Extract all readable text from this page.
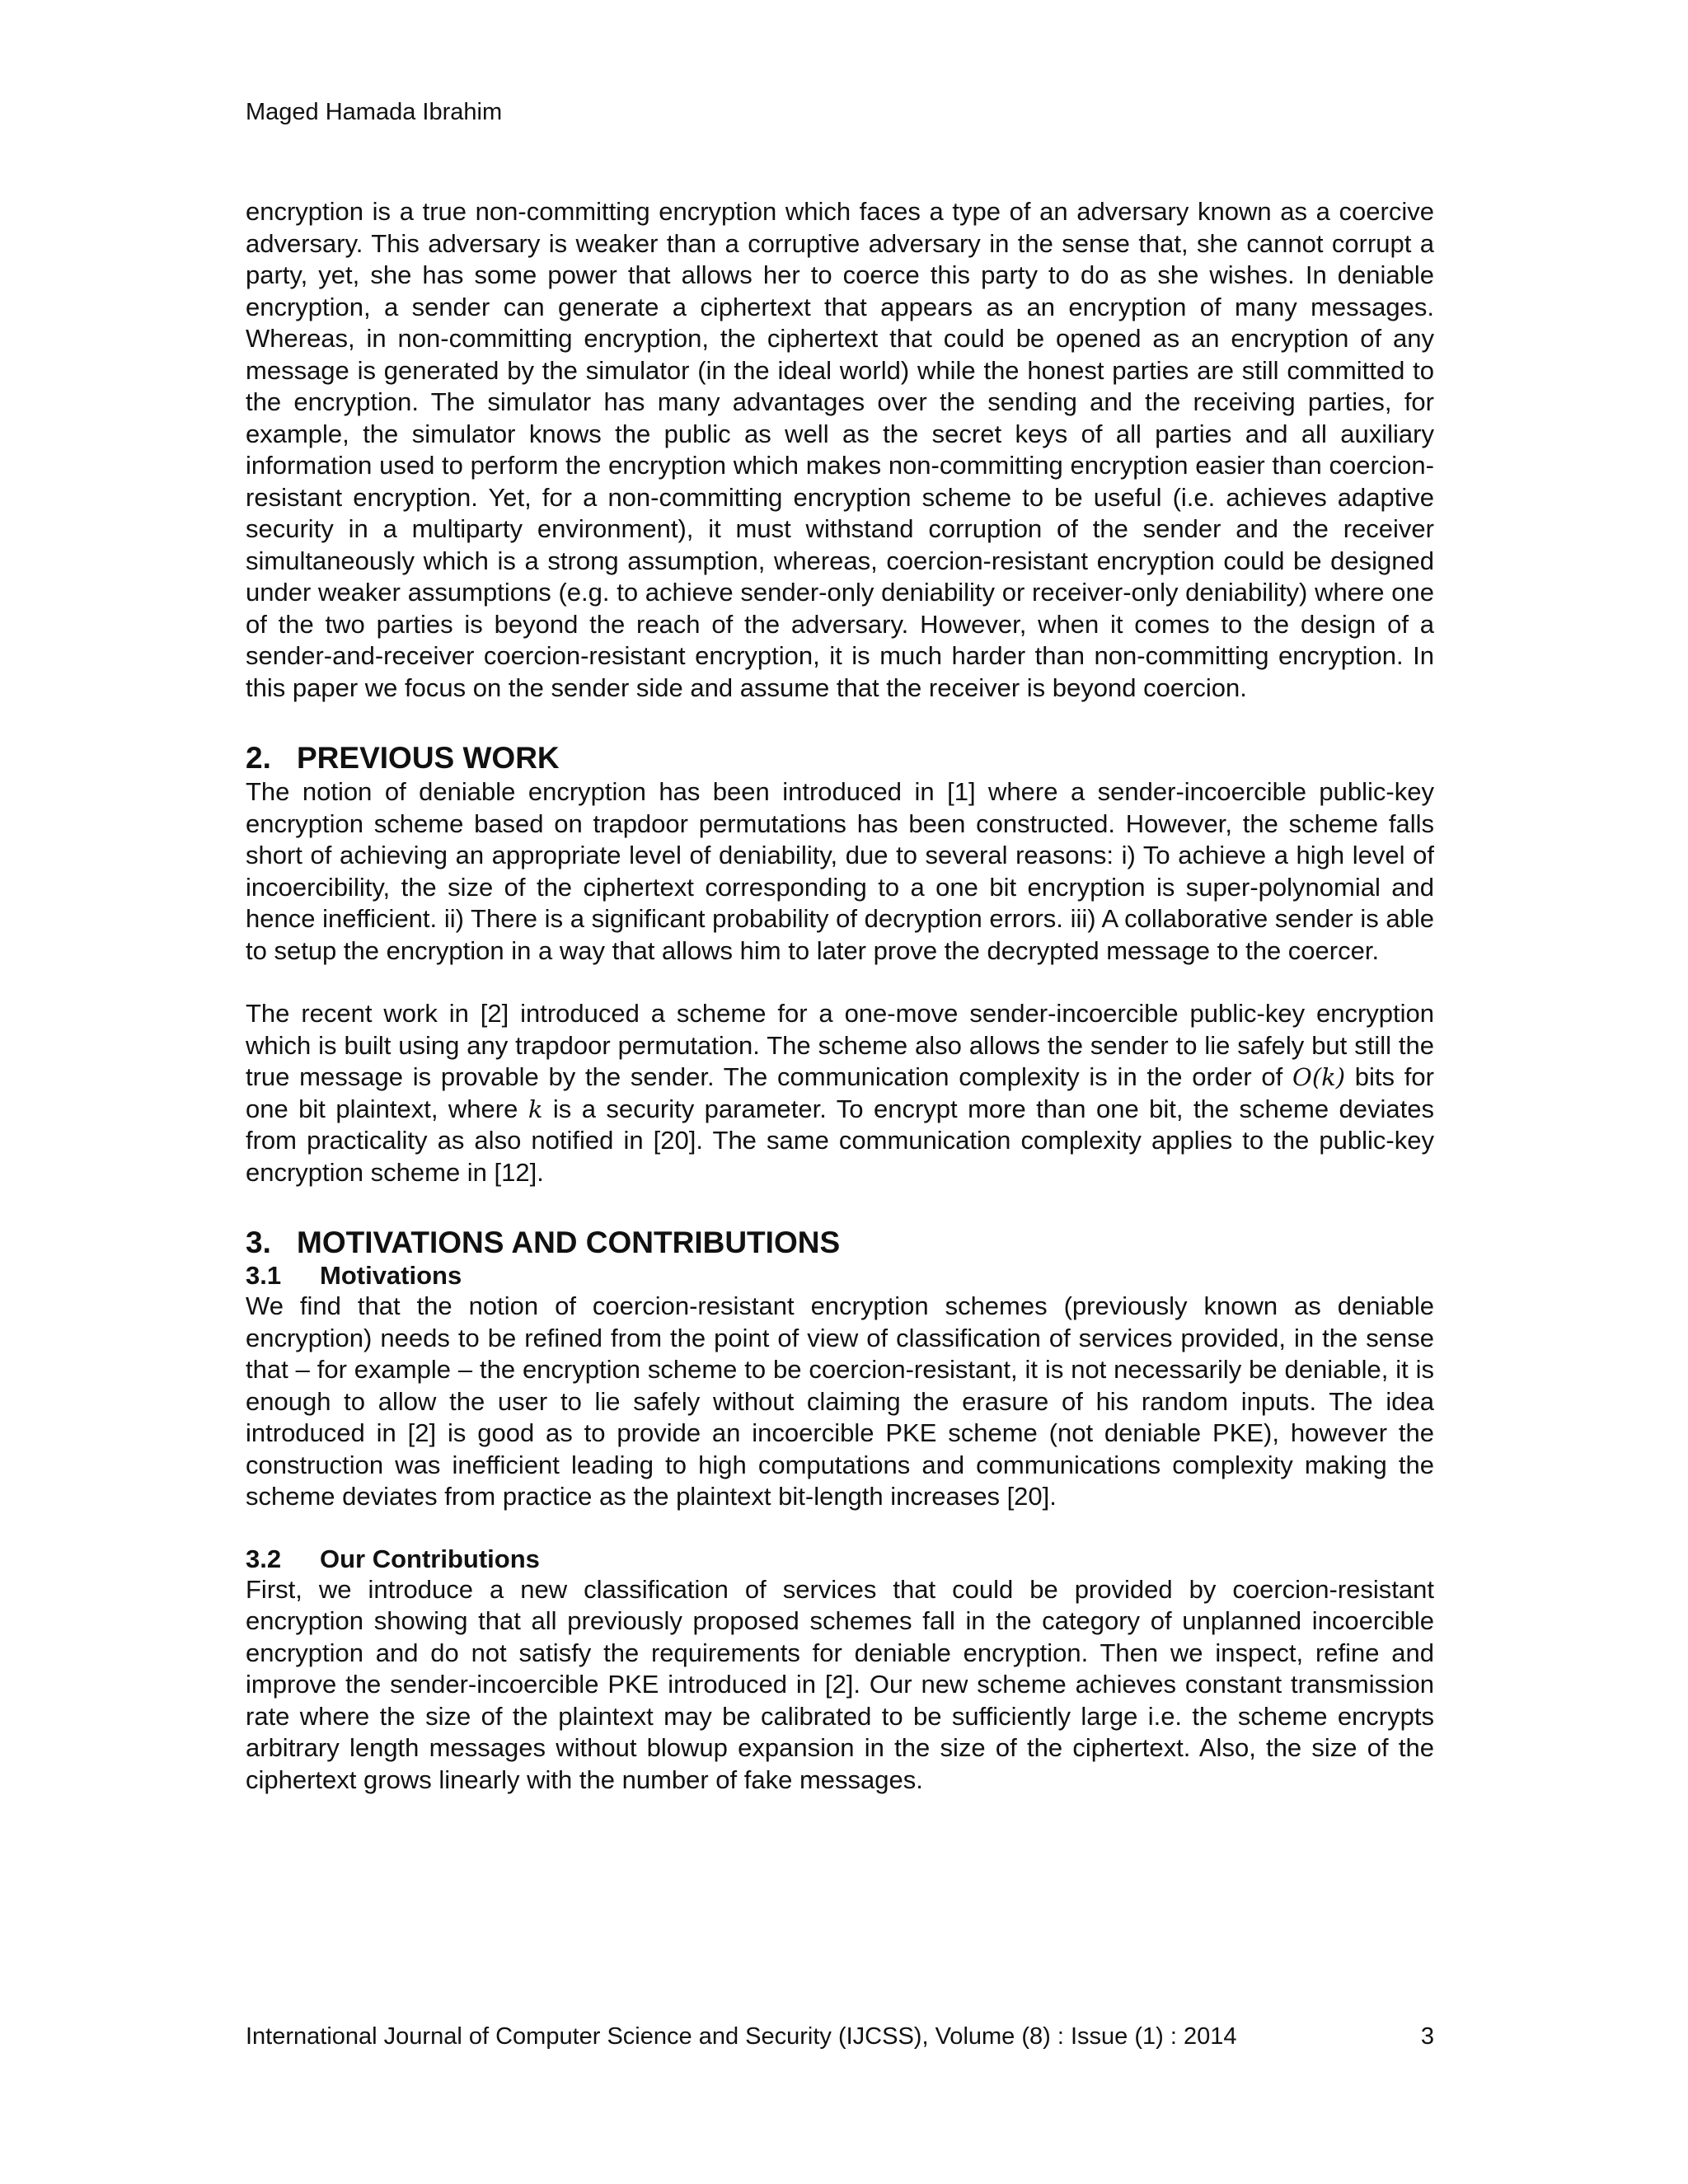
Maged Hamada Ibrahim

encryption is a true non-committing encryption which faces a type of an adversary known as a coercive adversary. This adversary is weaker than a corruptive adversary in the sense that, she cannot corrupt a party, yet, she has some power that allows her to coerce this party to do as she wishes. In deniable encryption, a sender can generate a ciphertext that appears as an encryption of many messages. Whereas, in non-committing encryption, the ciphertext that could be opened as an encryption of any message is generated by the simulator (in the ideal world) while the honest parties are still committed to the encryption. The simulator has many advantages over the sending and the receiving parties, for example, the simulator knows the public as well as the secret keys of all parties and all auxiliary information used to perform the encryption which makes non-committing encryption easier than coercion-resistant encryption. Yet, for a non-committing encryption scheme to be useful (i.e. achieves adaptive security in a multiparty environment), it must withstand corruption of the sender and the receiver simultaneously which is a strong assumption, whereas, coercion-resistant encryption could be designed under weaker assumptions (e.g. to achieve sender-only deniability or receiver-only deniability) where one of the two parties is beyond the reach of the adversary. However, when it comes to the design of a sender-and-receiver coercion-resistant encryption, it is much harder than non-committing encryption. In this paper we focus on the sender side and assume that the receiver is beyond coercion.

2. PREVIOUS WORK

The notion of deniable encryption has been introduced in [1] where a sender-incoercible public-key encryption scheme based on trapdoor permutations has been constructed. However, the scheme falls short of achieving an appropriate level of deniability, due to several reasons: i) To achieve a high level of incoercibility, the size of the ciphertext corresponding to a one bit encryption is super-polynomial and hence inefficient. ii) There is a significant probability of decryption errors. iii) A collaborative sender is able to setup the encryption in a way that allows him to later prove the decrypted message to the coercer.

The recent work in [2] introduced a scheme for a one-move sender-incoercible public-key encryption which is built using any trapdoor permutation. The scheme also allows the sender to lie safely but still the true message is provable by the sender. The communication complexity is in the order of O(k) bits for one bit plaintext, where k is a security parameter. To encrypt more than one bit, the scheme deviates from practicality as also notified in [20]. The same communication complexity applies to the public-key encryption scheme in [12].

3. MOTIVATIONS AND CONTRIBUTIONS
3.1 Motivations

We find that the notion of coercion-resistant encryption schemes (previously known as deniable encryption) needs to be refined from the point of view of classification of services provided, in the sense that – for example – the encryption scheme to be coercion-resistant, it is not necessarily be deniable, it is enough to allow the user to lie safely without claiming the erasure of his random inputs. The idea introduced in [2] is good as to provide an incoercible PKE scheme (not deniable PKE), however the construction was inefficient leading to high computations and communications complexity making the scheme deviates from practice as the plaintext bit-length increases [20].

3.2 Our Contributions

First, we introduce a new classification of services that could be provided by coercion-resistant encryption showing that all previously proposed schemes fall in the category of unplanned incoercible encryption and do not satisfy the requirements for deniable encryption. Then we inspect, refine and improve the sender-incoercible PKE introduced in [2]. Our new scheme achieves constant transmission rate where the size of the plaintext may be calibrated to be sufficiently large i.e. the scheme encrypts arbitrary length messages without blowup expansion in the size of the ciphertext. Also, the size of the ciphertext grows linearly with the number of fake messages.

International Journal of Computer Science and Security (IJCSS), Volume (8) : Issue (1) : 2014	3
